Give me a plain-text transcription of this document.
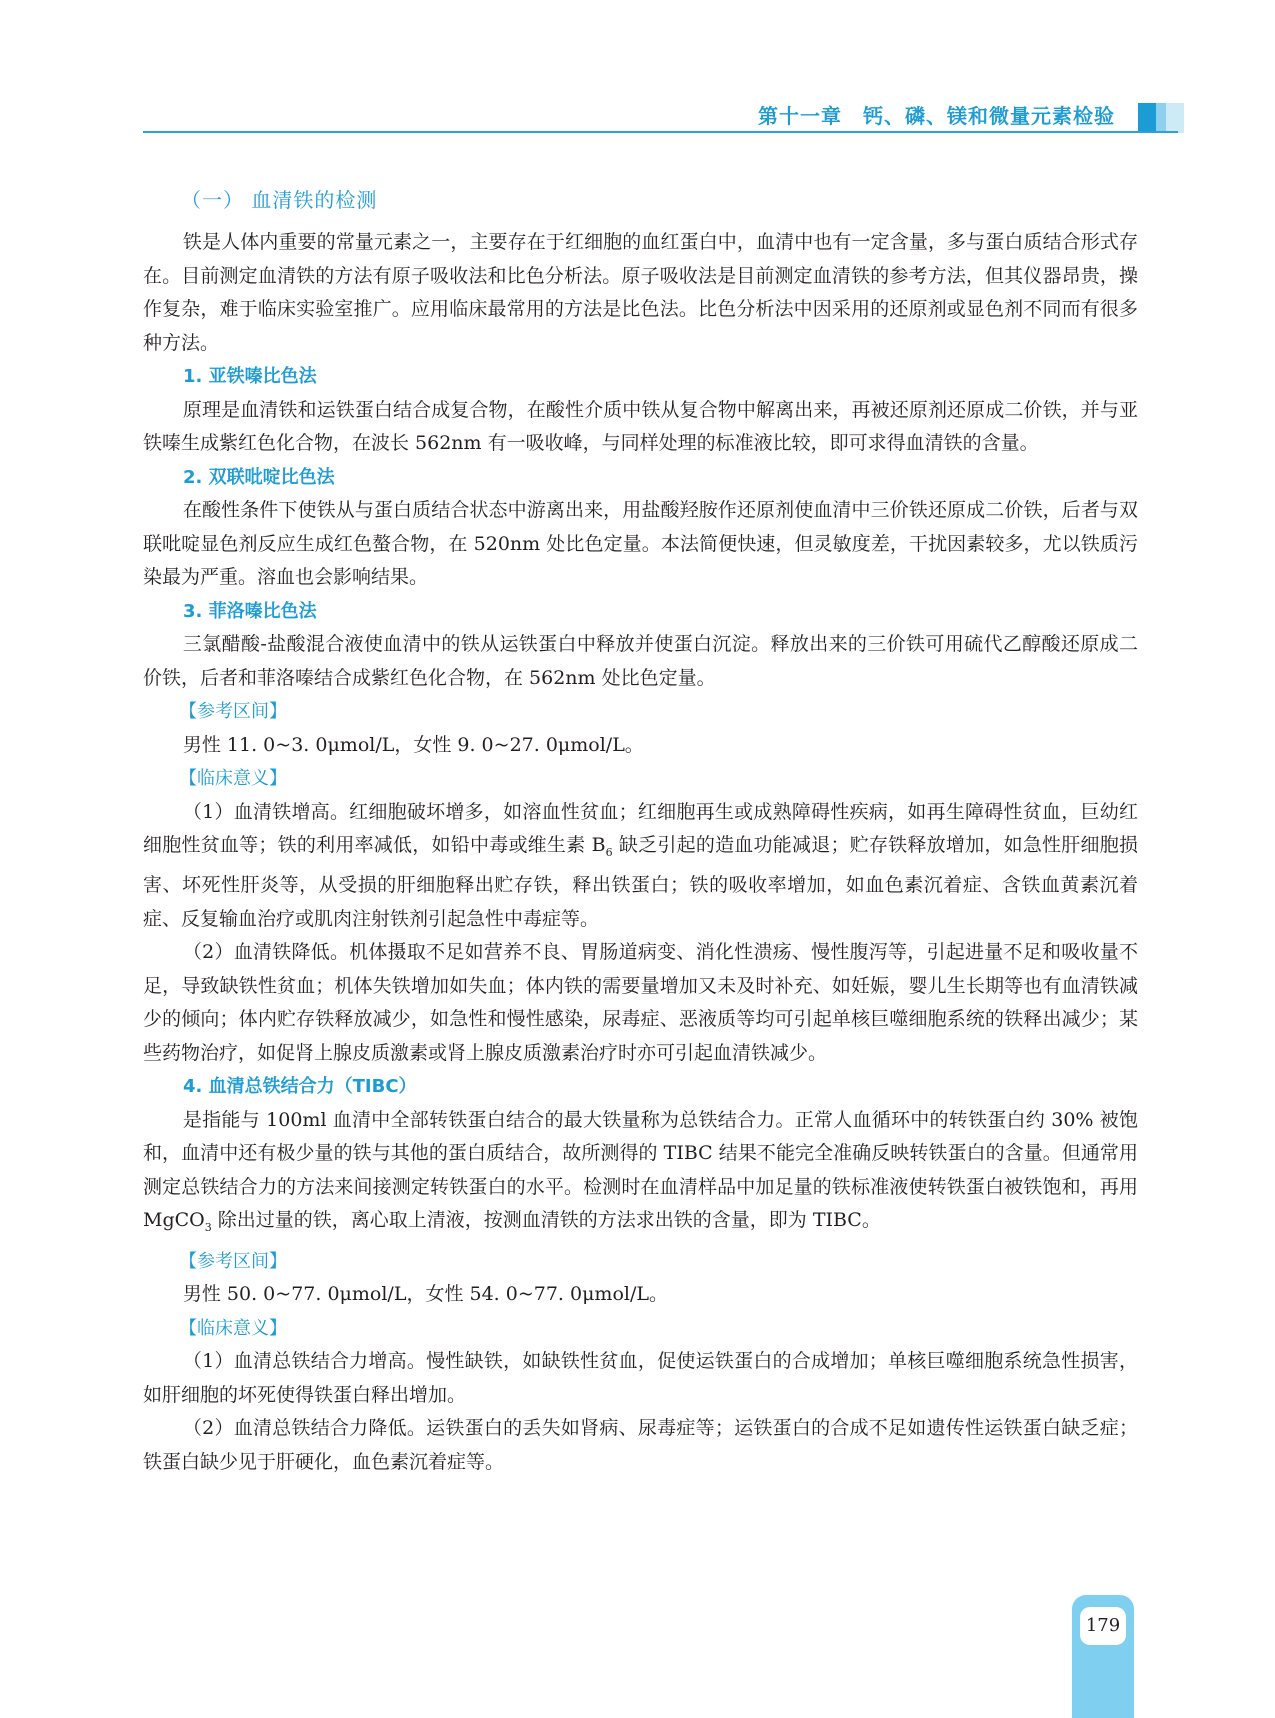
第十一章　钙、磷、镁和微量元素检验
（一） 血清铁的检测

铁是人体内重要的常量元素之一，主要存在于红细胞的血红蛋白中，血清中也有一定含量，多与蛋白质结合形式存在。目前测定血清铁的方法有原子吸收法和比色分析法。原子吸收法是目前测定血清铁的参考方法，但其仪器昂贵，操作复杂，难于临床实验室推广。应用临床最常用的方法是比色法。比色分析法中因采用的还原剂或显色剂不同而有很多种方法。

1. 亚铁嗪比色法

原理是血清铁和运铁蛋白结合成复合物，在酸性介质中铁从复合物中解离出来，再被还原剂还原成二价铁，并与亚铁嗪生成紫红色化合物，在波长 562nm 有一吸收峰，与同样处理的标准液比较，即可求得血清铁的含量。

2. 双联吡啶比色法

在酸性条件下使铁从与蛋白质结合状态中游离出来，用盐酸羟胺作还原剂使血清中三价铁还原成二价铁，后者与双联吡啶显色剂反应生成红色螯合物，在 520nm 处比色定量。本法简便快速，但灵敏度差，干扰因素较多，尤以铁质污染最为严重。溶血也会影响结果。

3. 菲洛嗪比色法

三氯醋酸-盐酸混合液使血清中的铁从运铁蛋白中释放并使蛋白沉淀。释放出来的三价铁可用硫代乙醇酸还原成二价铁，后者和菲洛嗪结合成紫红色化合物，在 562nm 处比色定量。

【参考区间】

男性 11. 0~3. 0μmol/L，女性 9. 0~27. 0μmol/L。

【临床意义】

（1）血清铁增高。红细胞破坏增多，如溶血性贫血；红细胞再生或成熟障碍性疾病，如再生障碍性贫血，巨幼红细胞性贫血等；铁的利用率减低，如铅中毒或维生素 $B_6$ 缺乏引起的造血功能减退；贮存铁释放增加，如急性肝细胞损害、坏死性肝炎等，从受损的肝细胞释出贮存铁，释出铁蛋白；铁的吸收率增加，如血色素沉着症、含铁血黄素沉着症、反复输血治疗或肌肉注射铁剂引起急性中毒症等。

（2）血清铁降低。机体摄取不足如营养不良、胃肠道病变、消化性溃疡、慢性腹泻等，引起进量不足和吸收量不足，导致缺铁性贫血；机体失铁增加如失血；体内铁的需要量增加又未及时补充、如妊娠，婴儿生长期等也有血清铁减少的倾向；体内贮存铁释放减少，如急性和慢性感染，尿毒症、恶液质等均可引起单核巨噬细胞系统的铁释出减少；某些药物治疗，如促肾上腺皮质激素或肾上腺皮质激素治疗时亦可引起血清铁减少。

4. 血清总铁结合力（TIBC）

是指能与 100ml 血清中全部转铁蛋白结合的最大铁量称为总铁结合力。正常人血循环中的转铁蛋白约 30% 被饱和，血清中还有极少量的铁与其他的蛋白质结合，故所测得的 TIBC 结果不能完全准确反映转铁蛋白的含量。但通常用测定总铁结合力的方法来间接测定转铁蛋白的水平。检测时在血清样品中加足量的铁标准液使转铁蛋白被铁饱和，再用 MgCO$_3$ 除出过量的铁，离心取上清液，按测血清铁的方法求出铁的含量，即为 TIBC。

【参考区间】

男性 50. 0~77. 0μmol/L，女性 54. 0~77. 0μmol/L。

【临床意义】

（1）血清总铁结合力增高。慢性缺铁，如缺铁性贫血，促使运铁蛋白的合成增加；单核巨噬细胞系统急性损害，如肝细胞的坏死使得铁蛋白释出增加。

（2）血清总铁结合力降低。运铁蛋白的丢失如肾病、尿毒症等；运铁蛋白的合成不足如遗传性运铁蛋白缺乏症；铁蛋白缺少见于肝硬化，血色素沉着症等。

179
